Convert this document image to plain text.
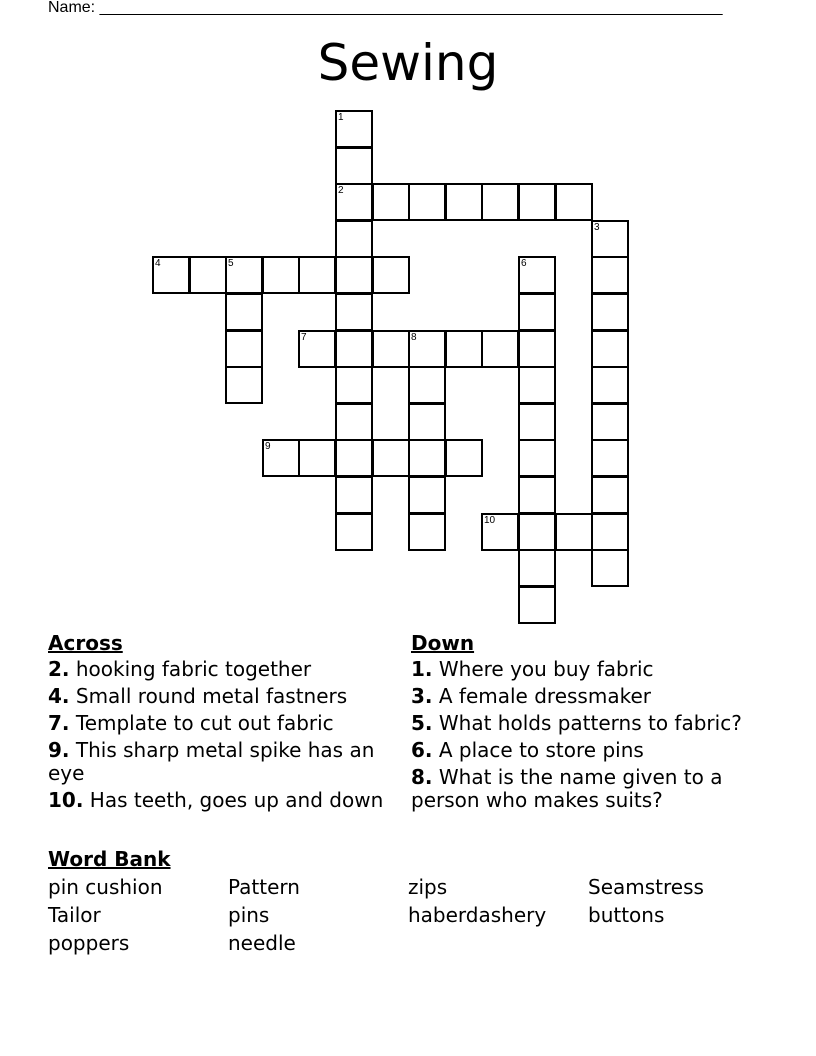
Name: ______________________________________________________________________
Sewing
1
2
3
4	5	6
7	8
9
10
Across
2. hooking fabric together
4. Small round metal fastners
7. Template to cut out fabric
9. This sharp metal spike has an eye
10. Has teeth, goes up and down
Down
1. Where you buy fabric
3. A female dressmaker
5. What holds patterns to fabric?
6. A place to store pins
8. What is the name given to a person who makes suits?
Word Bank
pin cushion	Pattern	zips	Seamstress
Tailor	pins	haberdashery buttons
poppers	needle
